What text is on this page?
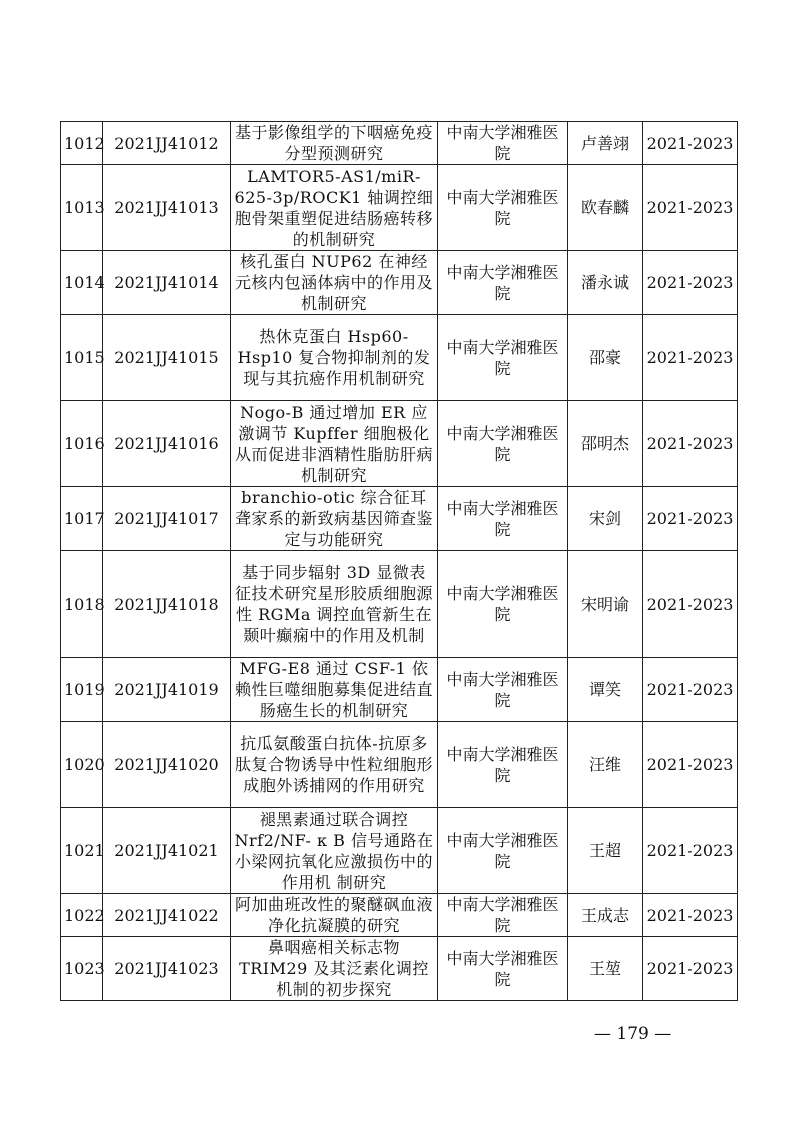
1012	2021JJ41012	基于影像组学的下咽癌免疫分型预测研究	中南大学湘雅医院	卢善翊	2021-2023
1013	2021JJ41013	LAMTOR5-AS1/miR-625-3p/ROCK1 轴调控细胞骨架重塑促进结肠癌转移的机制研究	中南大学湘雅医院	欧春麟	2021-2023
1014	2021JJ41014	核孔蛋白 NUP62 在神经元核内包涵体病中的作用及机制研究	中南大学湘雅医院	潘永诚	2021-2023
1015	2021JJ41015	热休克蛋白 Hsp60-Hsp10 复合物抑制剂的发现与其抗癌作用机制研究	中南大学湘雅医院	邵豪	2021-2023
1016	2021JJ41016	Nogo-B 通过增加 ER 应激调节 Kupffer 细胞极化从而促进非酒精性脂肪肝病机制研究	中南大学湘雅医院	邵明杰	2021-2023
1017	2021JJ41017	branchio-otic 综合征耳聋家系的新致病基因筛查鉴定与功能研究	中南大学湘雅医院	宋剑	2021-2023
1018	2021JJ41018	基于同步辐射 3D 显微表征技术研究星形胶质细胞源性 RGMa 调控血管新生在颞叶癫痫中的作用及机制	中南大学湘雅医院	宋明谕	2021-2023
1019	2021JJ41019	MFG-E8 通过 CSF-1 依赖性巨噬细胞募集促进结直肠癌生长的机制研究	中南大学湘雅医院	谭笑	2021-2023
1020	2021JJ41020	抗瓜氨酸蛋白抗体-抗原多肽复合物诱导中性粒细胞形成胞外诱捕网的作用研究	中南大学湘雅医院	汪维	2021-2023
1021	2021JJ41021	褪黑素通过联合调控 Nrf2/NF- κ B 信号通路在小梁网抗氧化应激损伤中的作用机 制研究	中南大学湘雅医院	王超	2021-2023
1022	2021JJ41022	阿加曲班改性的聚醚砜血液净化抗凝膜的研究	中南大学湘雅医院	王成志	2021-2023
1023	2021JJ41023	鼻咽癌相关标志物 TRIM29 及其泛素化调控机制的初步探究	中南大学湘雅医院	王堃	2021-2023
— 179 —
